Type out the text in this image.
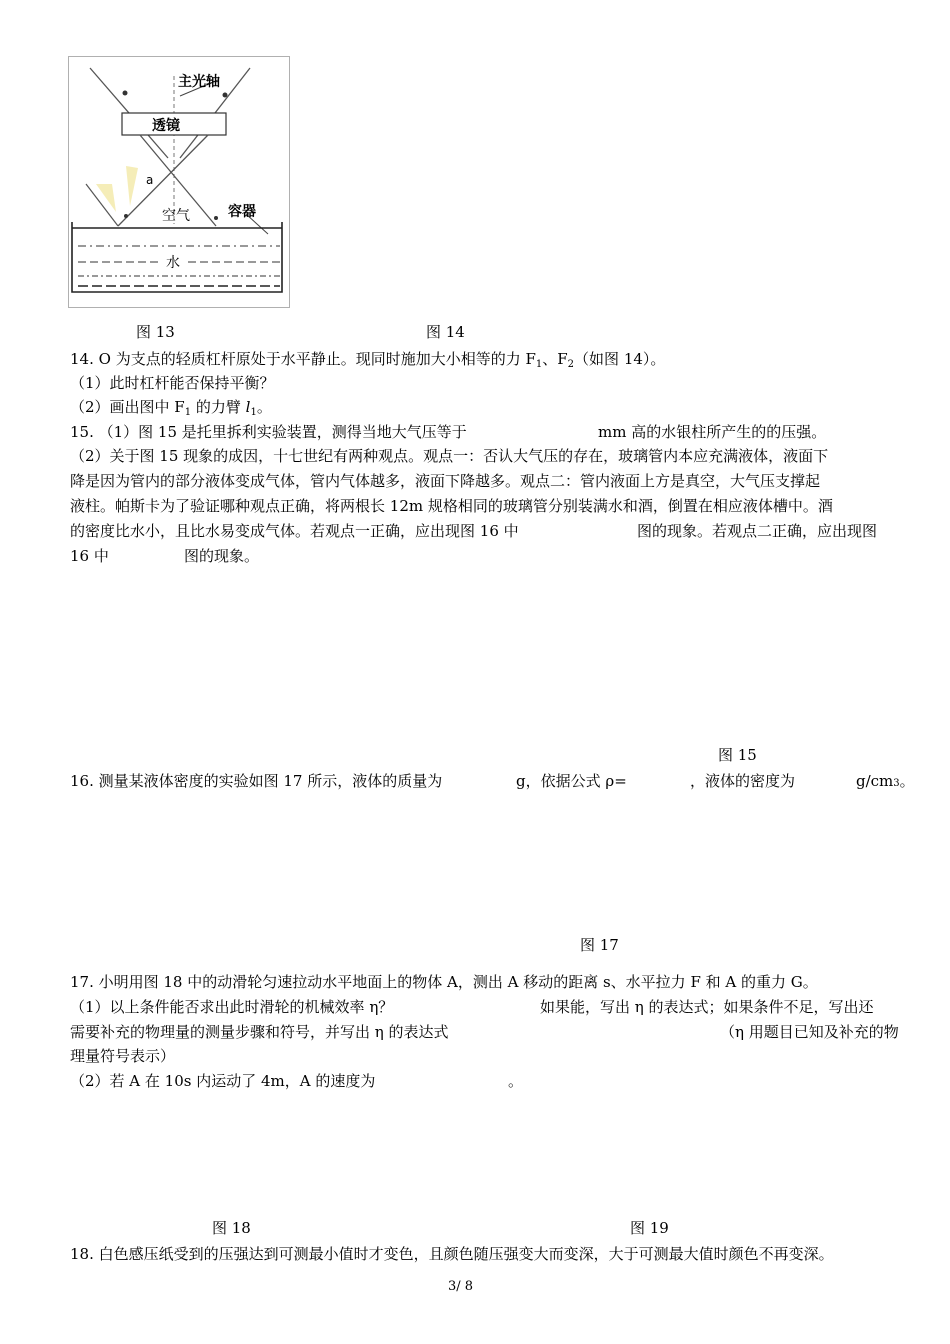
主光轴
透镜
a
空气	容器
水
图 13	图 14
14. O 为支点的轻质杠杆原处于水平静止。现同时施加大小相等的力 $F_1$、$F_2$（如图 14）。
（1）此时杠杆能否保持平衡？
（2）画出图中 $F_1$ 的力臂 $l_1$。
15. （1）图 15 是托里拆利实验装置，测得当地大气压等于	mm 高的水银柱所产生的的压强。
（2）关于图 15 现象的成因，十七世纪有两种观点。观点一：否认大气压的存在，玻璃管内本应充满液体，液面下
降是因为管内的部分液体变成气体，管内气体越多，液面下降越多。观点二：管内液面上方是真空，大气压支撑起
液柱。帕斯卡为了验证哪种观点正确，将两根长 12m 规格相同的玻璃管分别装满水和酒，倒置在相应液体槽中。酒
的密度比水小，且比水易变成气体。若观点一正确，应出现图 16 中	图的现象。若观点二正确，应出现图
16 中	图的现象。
图 15
16. 测量某液体密度的实验如图 17 所示，液体的质量为	g，依据公式 ρ=	，液体的密度为	g/cm3。
图 17
17. 小明用图 18 中的动滑轮匀速拉动水平地面上的物体 A，测出 A 移动的距离 s、水平拉力 F 和 A 的重力 G。
（1）以上条件能否求出此时滑轮的机械效率 η？	如果能，写出 η 的表达式；如果条件不足，写出还
需要补充的物理量的测量步骤和符号，并写出 η 的表达式	（η 用题目已知及补充的物
理量符号表示）
（2）若 A 在 10s 内运动了 4m，A 的速度为	。
图 18	图 19
18. 白色感压纸受到的压强达到可测最小值时才变色，且颜色随压强变大而变深，大于可测最大值时颜色不再变深。
3/ 8
